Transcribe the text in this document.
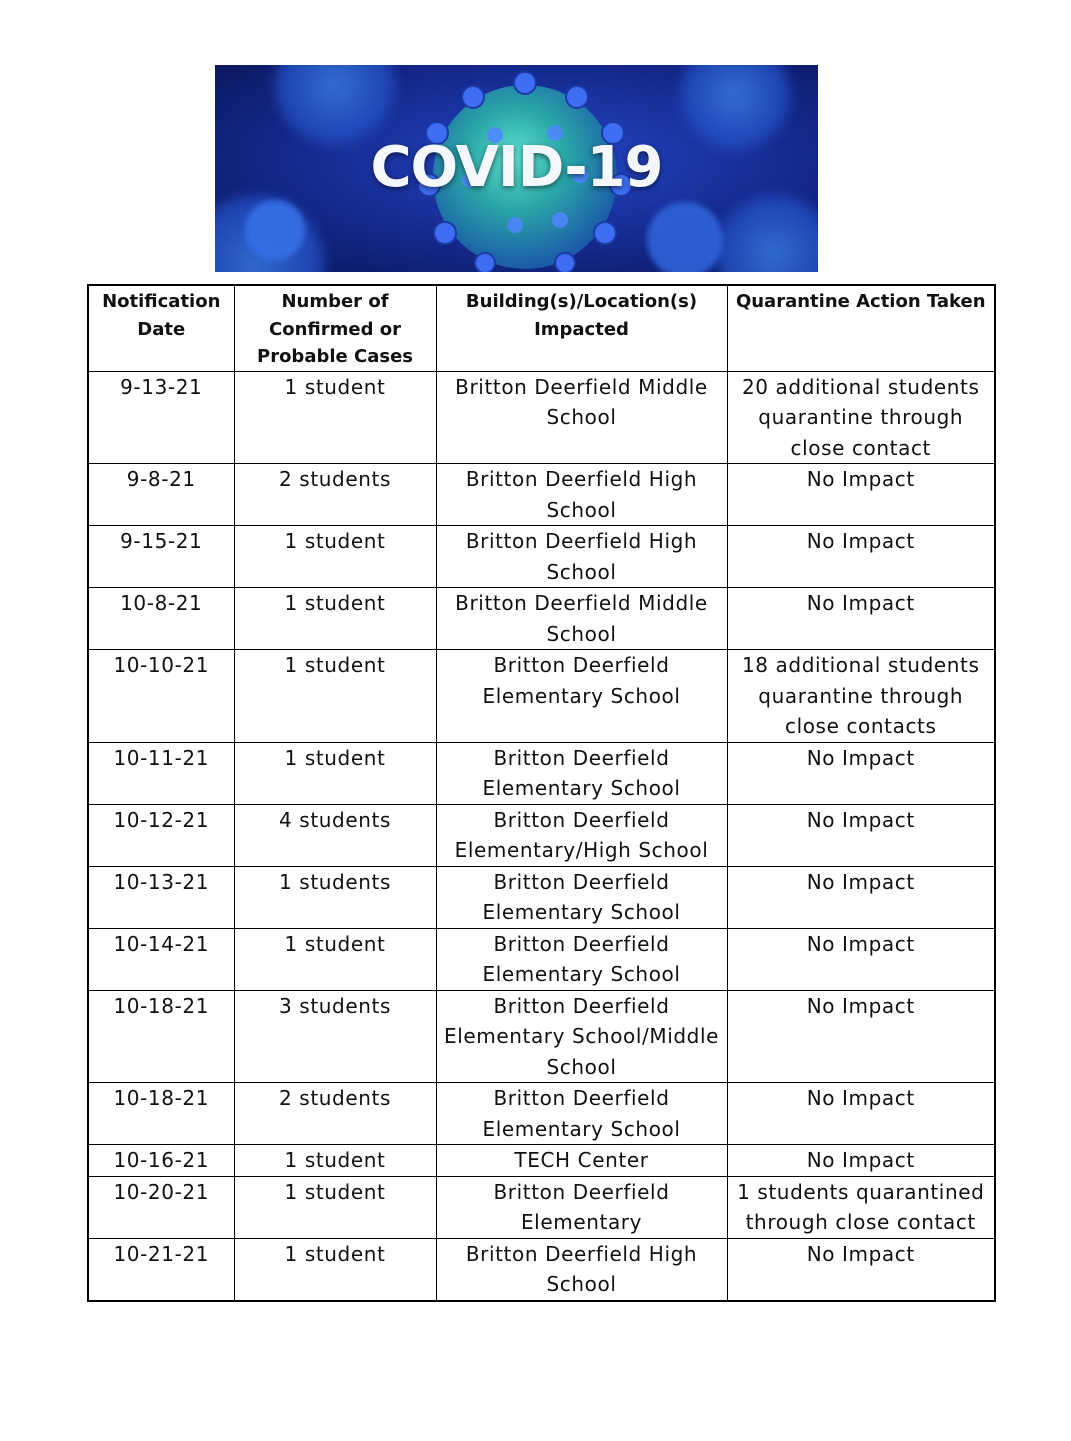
COVID-19
Notification Date	Number of Confirmed or Probable Cases	Building(s)/Location(s) Impacted	Quarantine Action Taken
9-13-21	1 student	Britton Deerfield Middle School	20 additional students quarantine through close contact
9-8-21	2 students	Britton Deerfield High School	No Impact
9-15-21	1 student	Britton Deerfield High School	No Impact
10-8-21	1 student	Britton Deerfield Middle School	No Impact
10-10-21	1 student	Britton Deerfield Elementary School	18 additional students quarantine through close contacts
10-11-21	1 student	Britton Deerfield Elementary School	No Impact
10-12-21	4 students	Britton Deerfield Elementary/High School	No Impact
10-13-21	1 students	Britton Deerfield Elementary School	No Impact
10-14-21	1 student	Britton Deerfield Elementary School	No Impact
10-18-21	3 students	Britton Deerfield Elementary School/Middle School	No Impact
10-18-21	2 students	Britton Deerfield Elementary School	No Impact
10-16-21	1 student	TECH Center	No Impact
10-20-21	1 student	Britton Deerfield Elementary	1 students quarantined through close contact
10-21-21	1 student	Britton Deerfield High School	No Impact
